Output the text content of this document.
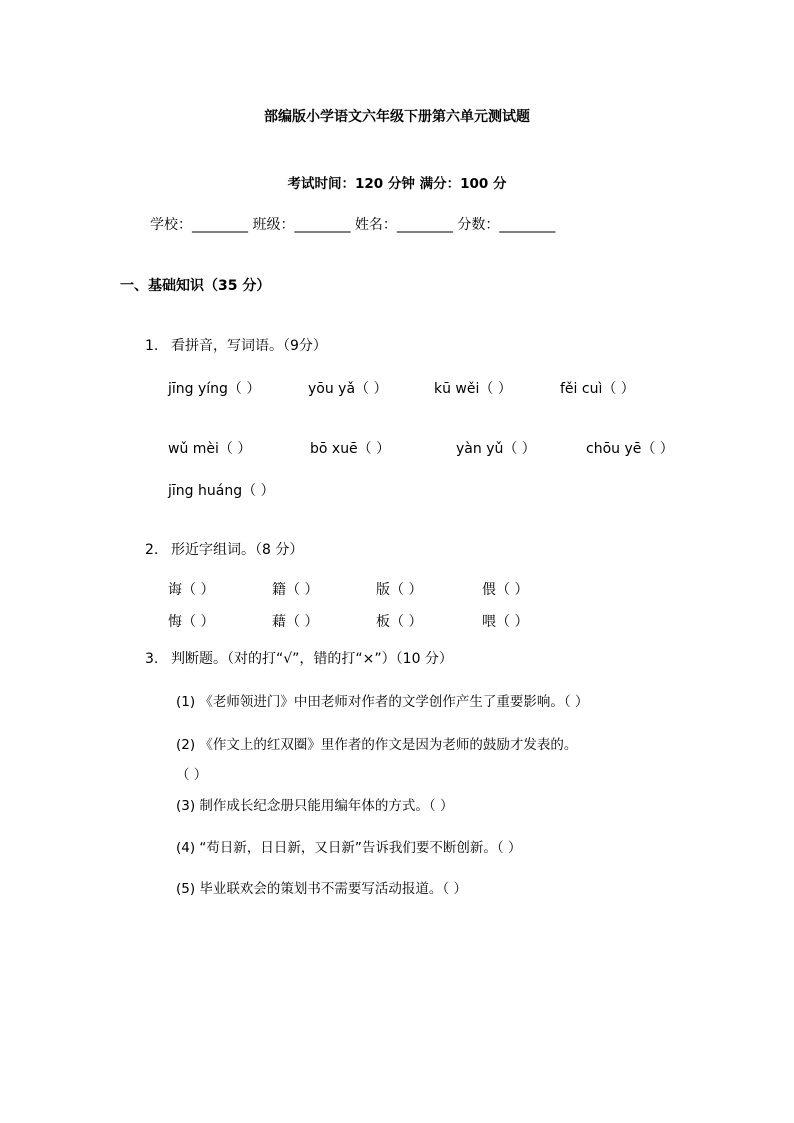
部编版小学语文六年级下册第六单元测试题
考试时间：120 分钟 满分：100 分
学校：________ 班级：________ 姓名：________ 分数：________
一、基础知识（35 分）
1. 看拼音，写词语。（9分）
jīng yíng（ ）	yōu yǎ（ ）	kū wěi（ ）	fěi cuì（ ）
wǔ mèi（ ）	bō xuē（ ）	yàn yǔ（ ）	chōu yē（ ）
jīng huáng（ ）
2. 形近字组词。（8 分）
诲（ ）	籍（ ）	版（ ）	偎（ ）
悔（ ）	藉（ ）	板（ ）	喂（ ）
3. 判断题。（对的打“√”，错的打“×”）（10 分）
(1) 《老师领进门》中田老师对作者的文学创作产生了重要影响。（ ）
(2) 《作文上的红双圈》里作者的作文是因为老师的鼓励才发表的。
（ ）
(3) 制作成长纪念册只能用编年体的方式。（ ）
(4) “苟日新，日日新，又日新”告诉我们要不断创新。（ ）
(5) 毕业联欢会的策划书不需要写活动报道。（ ）
